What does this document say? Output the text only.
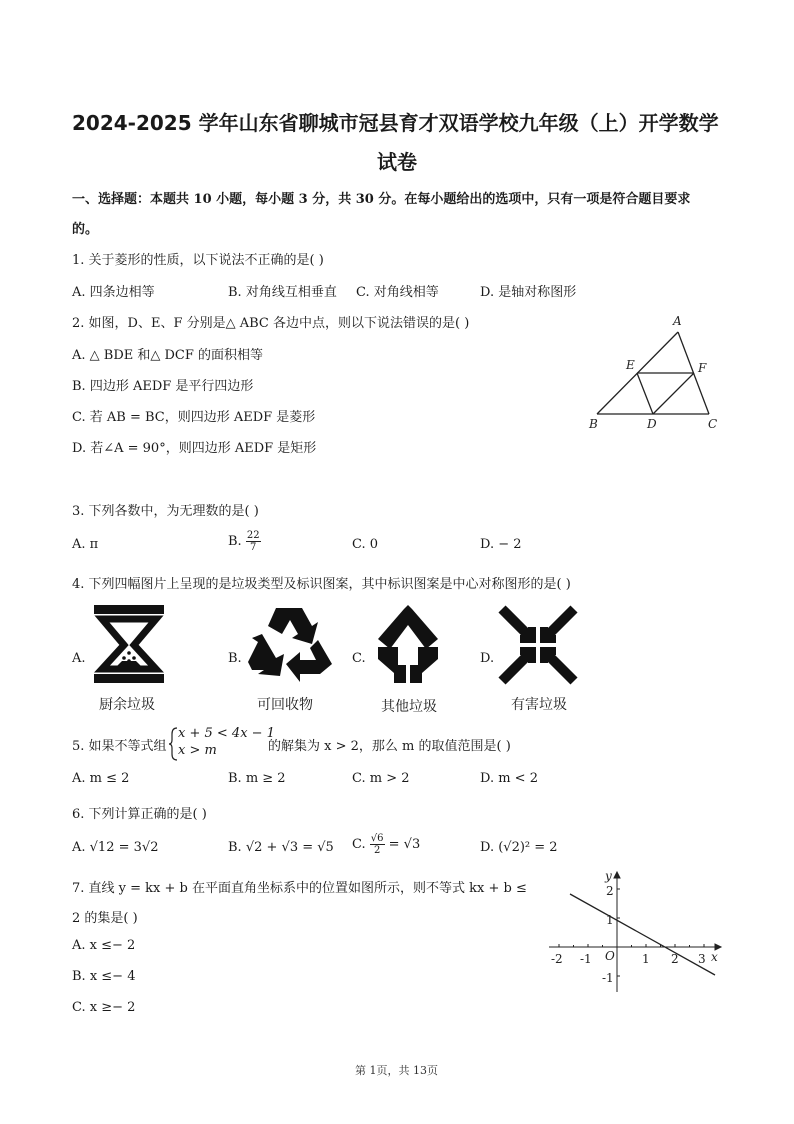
2024-2025 学年山东省聊城市冠县育才双语学校九年级（上）开学数学
试卷
一、选择题：本题共 10 小题，每小题 3 分，共 30 分。在每小题给出的选项中，只有一项是符合题目要求
的。
1. 关于菱形的性质，以下说法不正确的是( )
A. 四条边相等	B. 对角线互相垂直 C. 对角线相等	D. 是轴对称图形
2. 如图，D、E、F 分别是△ ABC 各边中点，则以下说法错误的是( )
A. △ BDE 和△ DCF 的面积相等
B. 四边形 AEDF 是平行四边形
C. 若 AB = BC，则四边形 AEDF 是菱形
D. 若∠A = 90°，则四边形 AEDF 是矩形
A
B	C
D
E	F
3. 下列各数中，为无理数的是( )
A. π	B. $\frac{22}{7}$	C. 0	D. − 2
4. 下列四幅图片上呈现的是垃圾类型及标识图案，其中标识图案是中心对称图形的是( )
A.	B.	C.	D.
厨余垃圾	可回收物	其他垃圾	有害垃圾
5. 如果不等式组
x + 5 < 4x − 1
x > m	的解集为 x > 2，那么 m 的取值范围是( )
A. m ≤ 2	B. m ≥ 2	C. m > 2	D. m < 2
6. 下列计算正确的是( )
A. √12 = 3√2	B. √2 + √3 = √5 C. $\frac{√6}{2} = √3$	D. (√2)² = 2
7. 直线 y = kx + b 在平面直角坐标系中的位置如图所示，则不等式 kx + b ≤
2 的集是( )
A. x ≤− 2
B. x ≤− 4
C. x ≥− 2
-2 -1	1 2 3
2
1
-1
O	x
y
第 1页，共 13页
